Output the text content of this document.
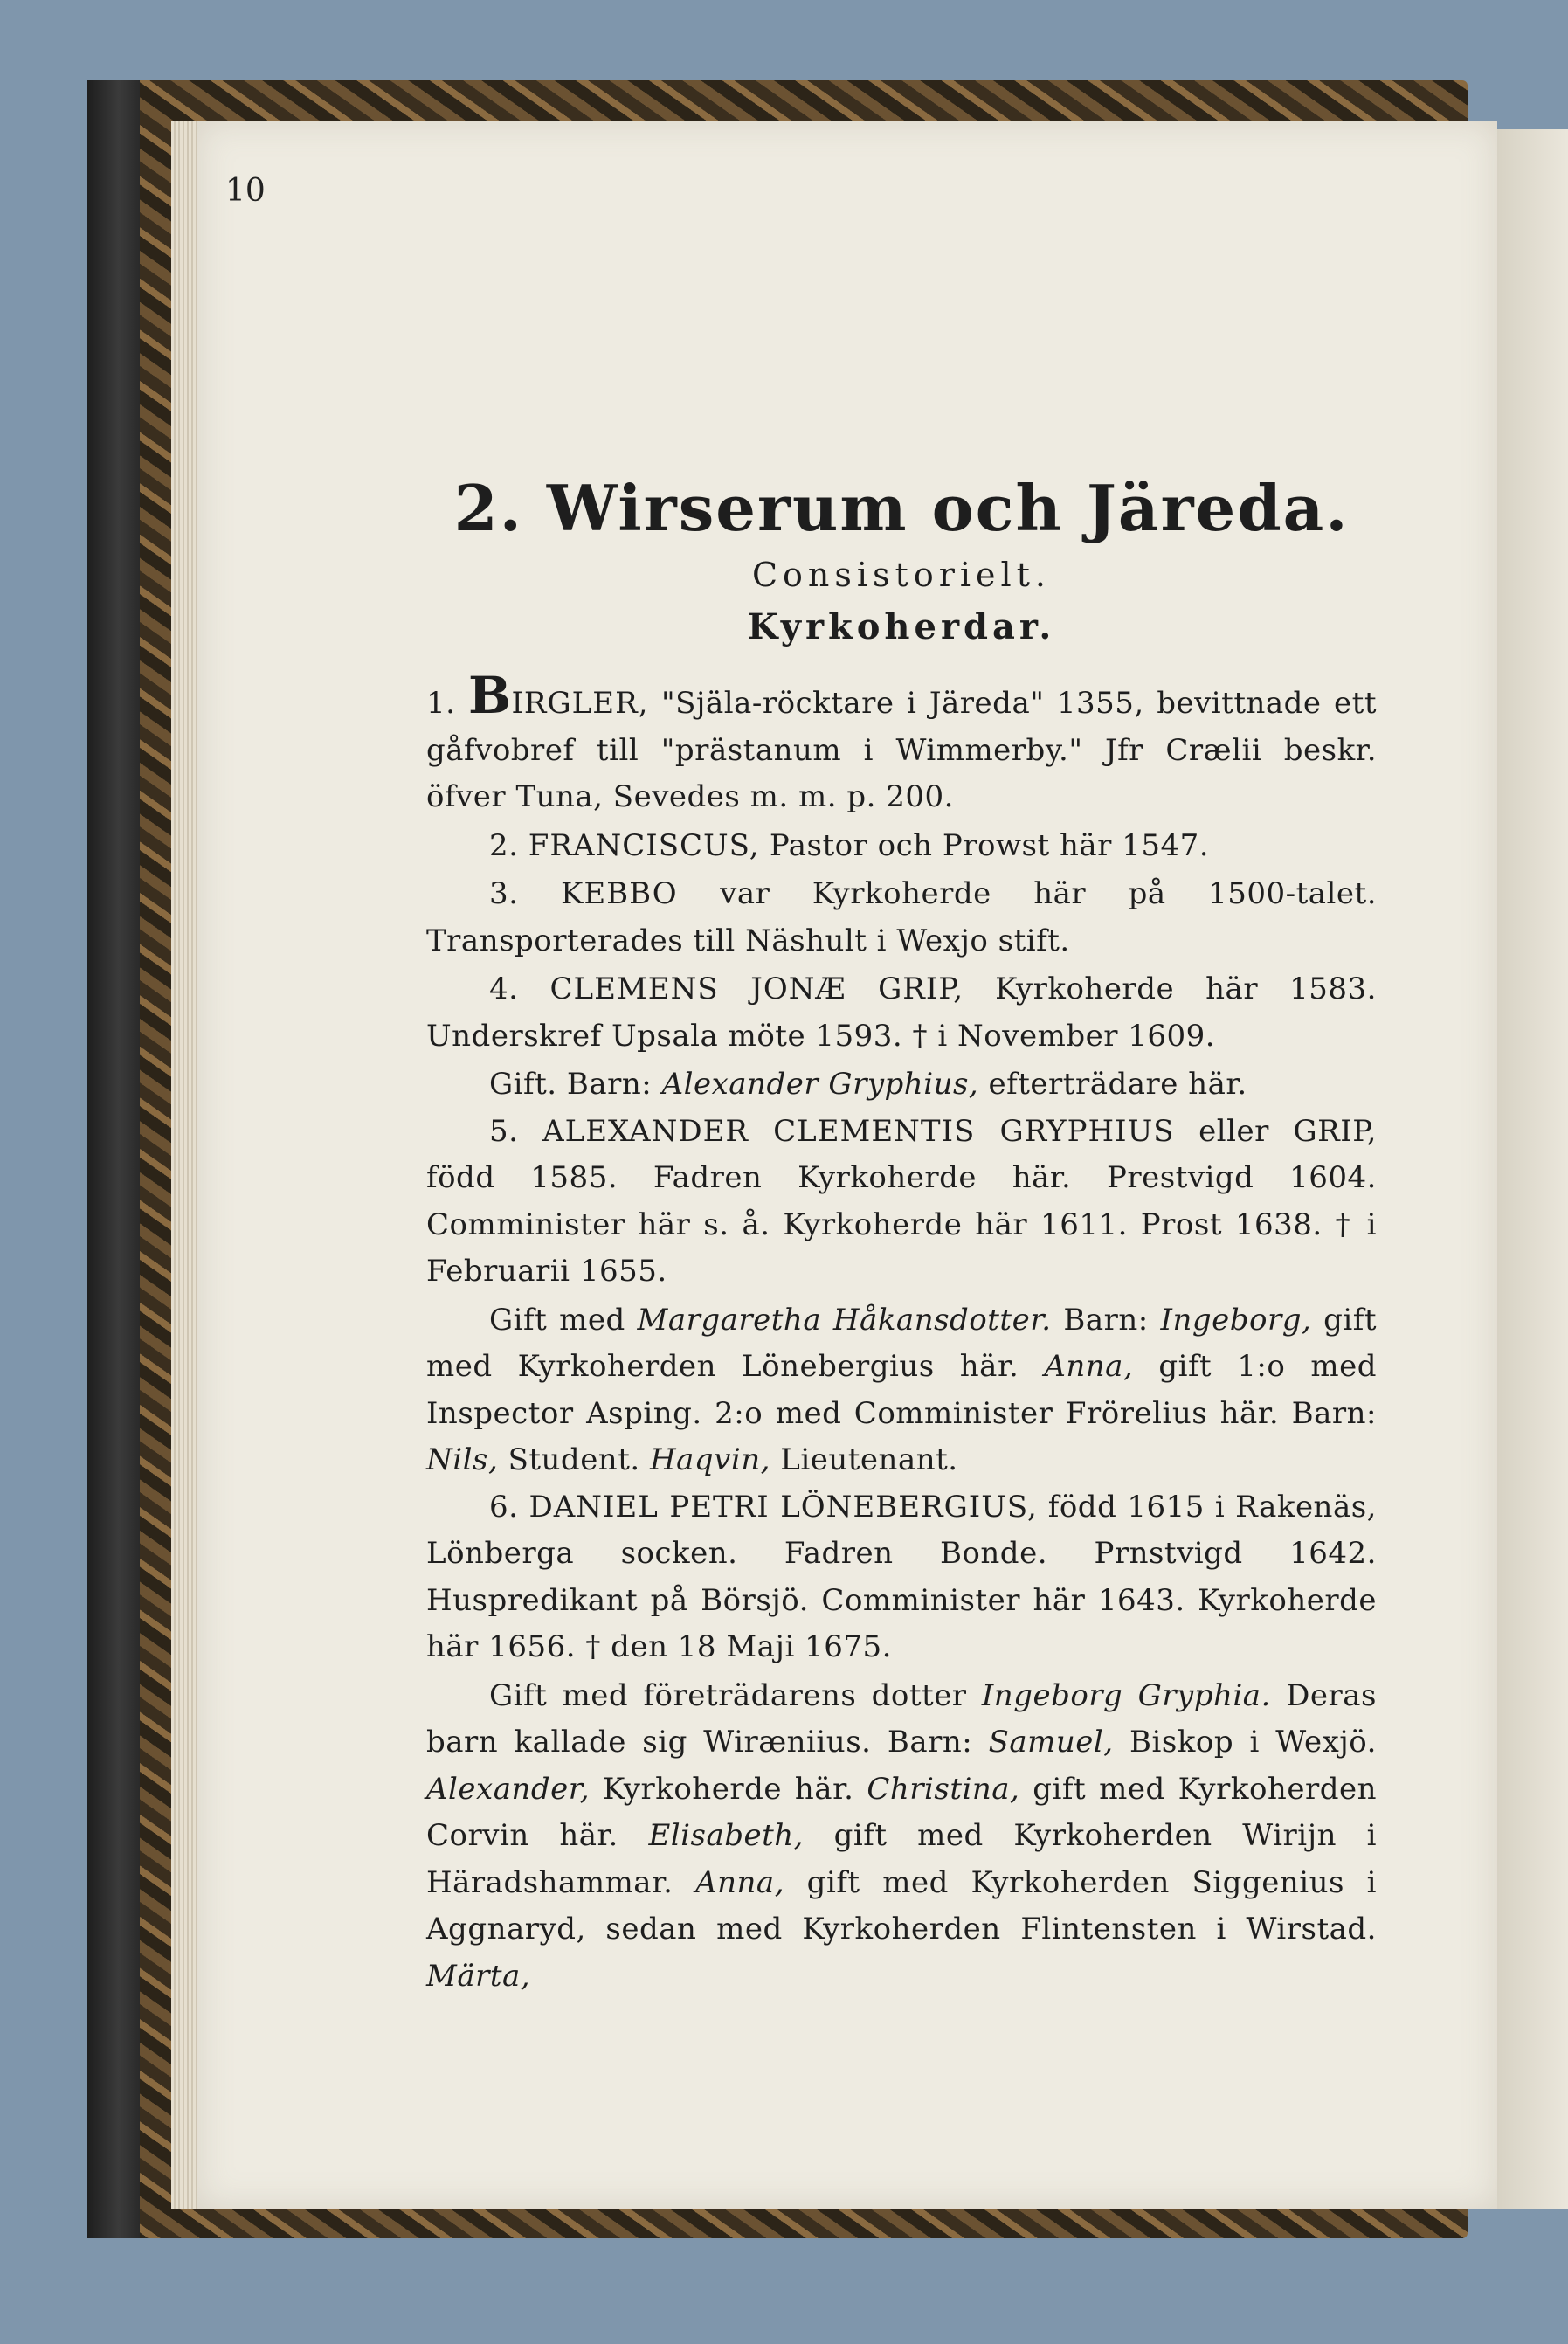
10

2. Wirserum och Järeda.

Consistorielt.

Kyrkoherdar.

1. BIRGLER, "Själa-röcktare i Järeda" 1355, bevittnade ett gåfvobref till "prästanum i Wimmerby." Jfr Crælii beskr. öfver Tuna, Sevedes m. m. p. 200.

2. FRANCISCUS, Pastor och Prowst här 1547.

3. KEBBO var Kyrkoherde här på 1500-talet. Transporterades till Näshult i Wexjo stift.

4. CLEMENS JONÆ GRIP, Kyrkoherde här 1583. Underskref Upsala möte 1593. † i November 1609.

Gift. Barn: Alexander Gryphius, efterträdare här.

5. ALEXANDER CLEMENTIS GRYPHIUS eller GRIP, född 1585. Fadren Kyrkoherde här. Prestvigd 1604. Comminister här s. å. Kyrkoherde här 1611. Prost 1638. † i Februarii 1655.

Gift med Margaretha Håkansdotter. Barn: Ingeborg, gift med Kyrkoherden Lönebergius här. Anna, gift 1:o med Inspector Asping. 2:o med Comminister Frörelius här. Barn: Nils, Student. Haqvin, Lieutenant.

6. DANIEL PETRI LÖNEBERGIUS, född 1615 i Rakenäs, Lönberga socken. Fadren Bonde. Prnstvigd 1642. Huspredikant på Börsjö. Comminister här 1643. Kyrkoherde här 1656. † den 18 Maji 1675.

Gift med företrädarens dotter Ingeborg Gryphia. Deras barn kallade sig Wiræniius. Barn: Samuel, Biskop i Wexjö. Alexander, Kyrkoherde här. Christina, gift med Kyrkoherden Corvin här. Elisabeth, gift med Kyrkoherden Wirijn i Häradshammar. Anna, gift med Kyrkoherden Siggenius i Aggnaryd, sedan med Kyrkoherden Flintensten i Wirstad. Märta,
